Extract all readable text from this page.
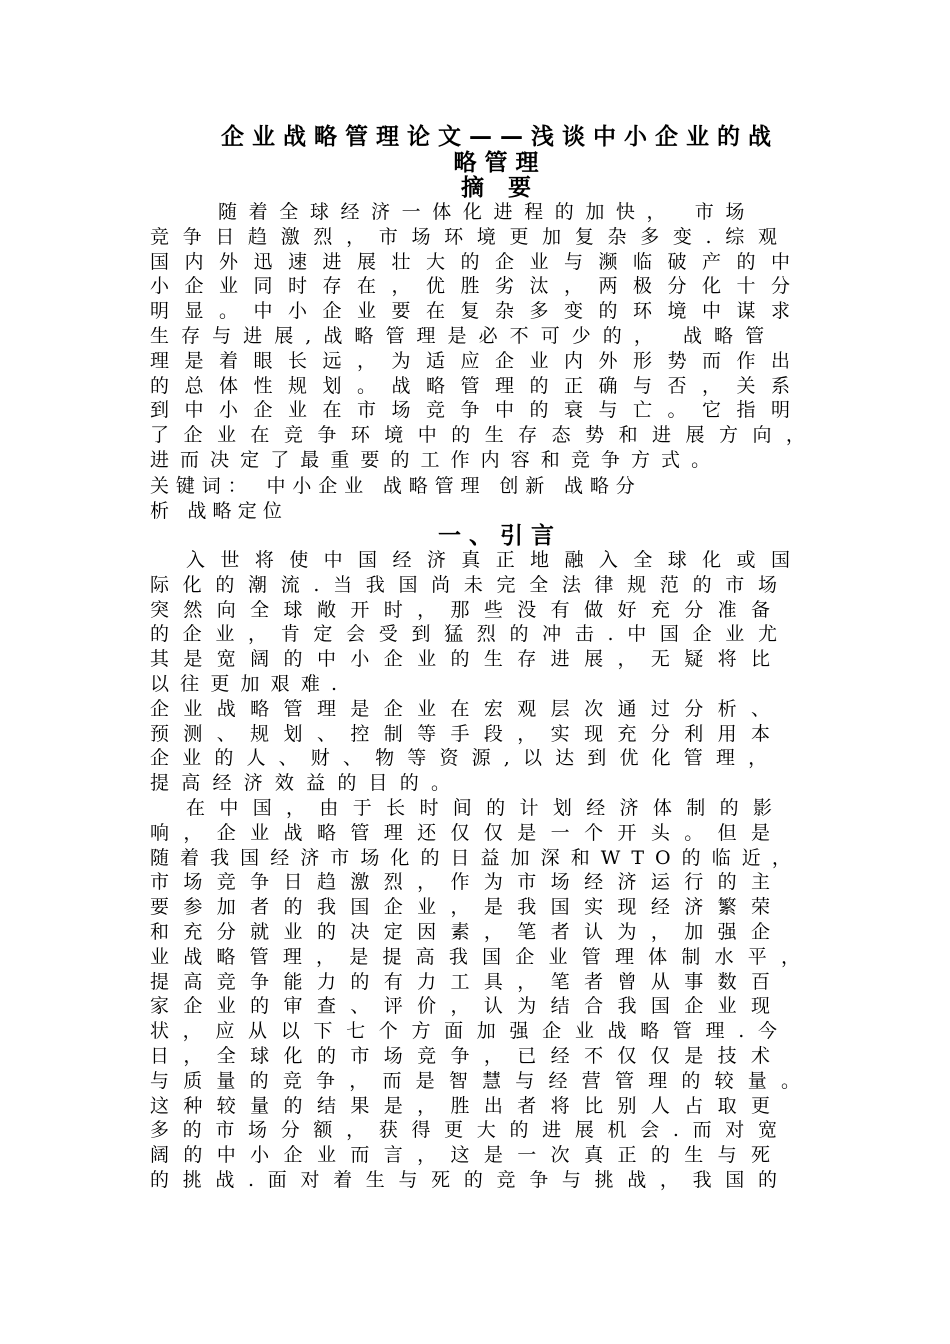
企业战略管理论文——浅谈中小企业的战
略管理
摘 要
随着全球经济一体化进程的加快， 市场
竞争日趋激烈，市场环境更加复杂多变.综观
国内外迅速进展壮大的企业与濒临破产的中
小企业同时存在，优胜劣汰，两极分化十分
明显。中小企业要在复杂多变的环境中谋求
生存与进展,战略管理是必不可少的， 战略管
理是着眼长远，为适应企业内外形势而作出
的总体性规划。战略管理的正确与否，关系
到中小企业在市场竞争中的衰与亡。它指明
了企业在竞争环境中的生存态势和进展方向，
进而决定了最重要的工作内容和竞争方式。
关键词： 中小企业 战略管理 创新 战略分
析 战略定位
一、引言
入世将使中国经济真正地融入全球化或国
际化的潮流.当我国尚未完全法律规范的市场
突然向全球敞开时，那些没有做好充分准备
的企业，肯定会受到猛烈的冲击.中国企业尤
其是宽阔的中小企业的生存进展，无疑将比
以往更加艰难.
企业战略管理是企业在宏观层次通过分析、
预测、规划、控制等手段，实现充分利用本
企业的人、财、物等资源,以达到优化管理，
提高经济效益的目的。
在中国，由于长时间的计划经济体制的影
响，企业战略管理还仅仅是一个开头。但是
随着我国经济市场化的日益加深和WTO的临近，
市场竞争日趋激烈，作为市场经济运行的主
要参加者的我国企业，是我国实现经济繁荣
和充分就业的决定因素，笔者认为，加强企
业战略管理，是提高我国企业管理体制水平，
提高竞争能力的有力工具，笔者曾从事数百
家企业的审查、评价，认为结合我国企业现
状，应从以下七个方面加强企业战略管理.今
日，全球化的市场竞争，已经不仅仅是技术
与质量的竞争，而是智慧与经营管理的较量。
这种较量的结果是，胜出者将比别人占取更
多的市场分额，获得更大的进展机会.而对宽
阔的中小企业而言，这是一次真正的生与死
的挑战.面对着生与死的竞争与挑战，我国的
